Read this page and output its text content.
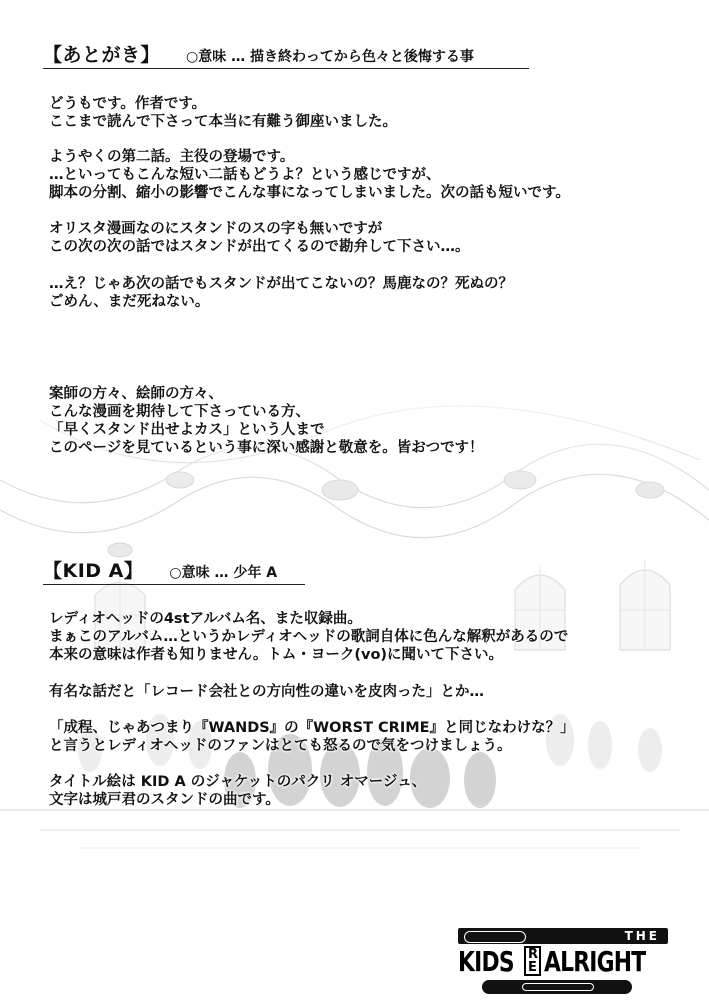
【あとがき】 ○意味 … 描き終わってから色々と後悔する事

どうもです。作者です。
ここまで読んで下さって本当に有難う御座いました。

ようやくの第二話。主役の登場です。
…といってもこんな短い二話もどうよ？という感じですが、
脚本の分割、縮小の影響でこんな事になってしまいました。次の話も短いです。

オリスタ漫画なのにスタンドのスの字も無いですが
この次の次の話ではスタンドが出てくるので勘弁して下さい…。

…え？じゃあ次の話でもスタンドが出てこないの？馬鹿なの？死ぬの？
ごめん、まだ死ねない。

案師の方々、絵師の方々、
こんな漫画を期待して下さっている方、
「早くスタンド出せよカス」という人まで
このページを見ているという事に深い感謝と敬意を。皆おつです！

【KID A】 ○意味 … 少年 A

レディオヘッドの4stアルバム名、また収録曲。
まぁこのアルバム…というかレディオヘッドの歌詞自体に色んな解釈があるので
本来の意味は作者も知りません。トム・ヨーク(vo)に聞いて下さい。

有名な話だと「レコード会社との方向性の違いを皮肉った」とか…

「成程、じゃあつまり『WANDS』の『WORST CRIME』と同じなわけな？」
と言うとレディオヘッドのファンはとても怒るので気をつけましょう。

タイトル絵は KID A のジャケットのパクリ オマージュ、
文字は城戸君のスタンドの曲です。

THE
KIDS R
E ALRIGHT
